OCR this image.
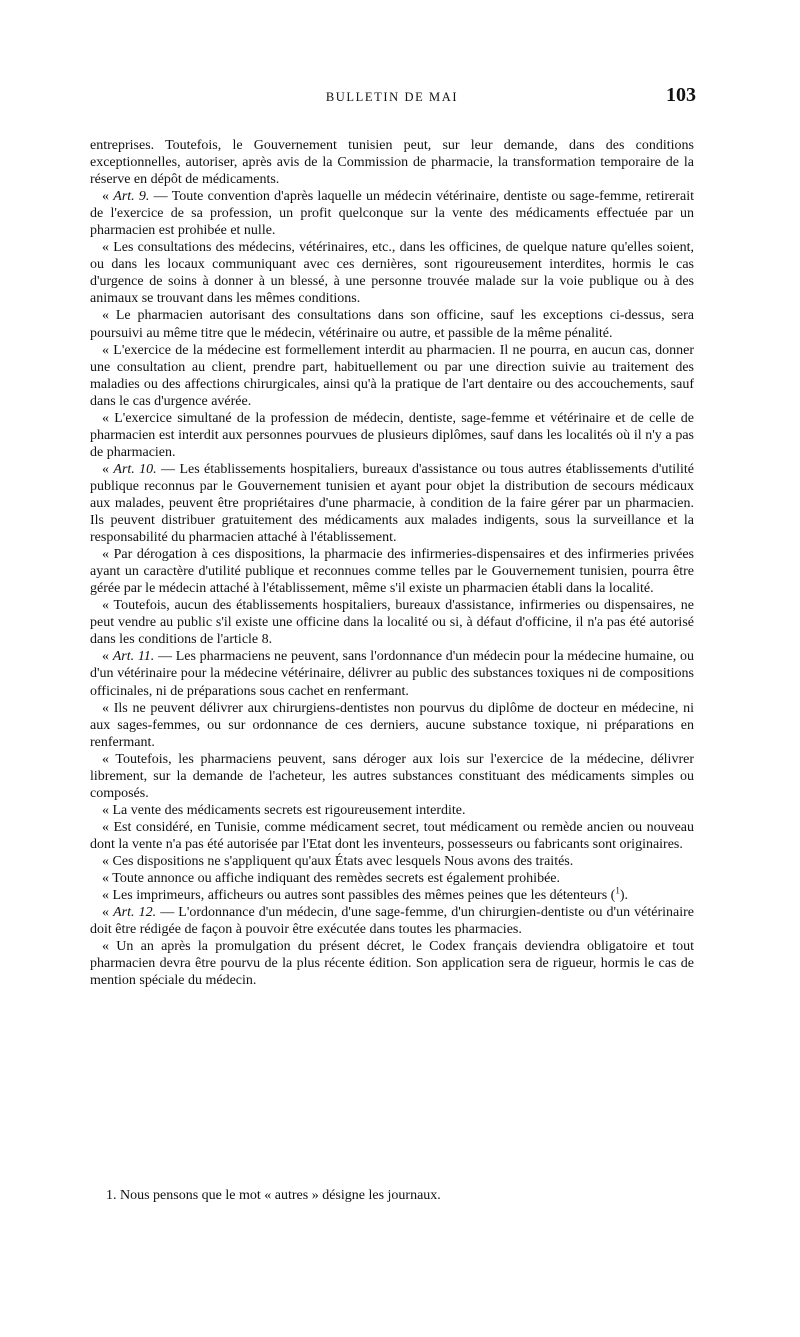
BULLETIN DE MAI	103

entreprises. Toutefois, le Gouvernement tunisien peut, sur leur demande, dans des conditions exceptionnelles, autoriser, après avis de la Commission de pharmacie, la transformation temporaire de la réserve en dépôt de médicaments.

« Art. 9. — Toute convention d'après laquelle un médecin vétérinaire, dentiste ou sage-femme, retirerait de l'exercice de sa profession, un profit quelconque sur la vente des médicaments effectuée par un pharmacien est prohibée et nulle.

« Les consultations des médecins, vétérinaires, etc., dans les officines, de quelque nature qu'elles soient, ou dans les locaux communiquant avec ces dernières, sont rigoureusement interdites, hormis le cas d'urgence de soins à donner à un blessé, à une personne trouvée malade sur la voie publique ou à des animaux se trouvant dans les mêmes conditions.

« Le pharmacien autorisant des consultations dans son officine, sauf les exceptions ci-dessus, sera poursuivi au même titre que le médecin, vétérinaire ou autre, et passible de la même pénalité.

« L'exercice de la médecine est formellement interdit au pharmacien. Il ne pourra, en aucun cas, donner une consultation au client, prendre part, habituellement ou par une direction suivie au traitement des maladies ou des affections chirurgicales, ainsi qu'à la pratique de l'art dentaire ou des accouchements, sauf dans le cas d'urgence avérée.

« L'exercice simultané de la profession de médecin, dentiste, sage-femme et vétérinaire et de celle de pharmacien est interdit aux personnes pourvues de plusieurs diplômes, sauf dans les localités où il n'y a pas de pharmacien.

« Art. 10. — Les établissements hospitaliers, bureaux d'assistance ou tous autres établissements d'utilité publique reconnus par le Gouvernement tunisien et ayant pour objet la distribution de secours médicaux aux malades, peuvent être propriétaires d'une pharmacie, à condition de la faire gérer par un pharmacien. Ils peuvent distribuer gratuitement des médicaments aux malades indigents, sous la surveillance et la responsabilité du pharmacien attaché à l'établissement.

« Par dérogation à ces dispositions, la pharmacie des infirmeries-dispensaires et des infirmeries privées ayant un caractère d'utilité publique et reconnues comme telles par le Gouvernement tunisien, pourra être gérée par le médecin attaché à l'établissement, même s'il existe un pharmacien établi dans la localité.

« Toutefois, aucun des établissements hospitaliers, bureaux d'assistance, infirmeries ou dispensaires, ne peut vendre au public s'il existe une officine dans la localité ou si, à défaut d'officine, il n'a pas été autorisé dans les conditions de l'article 8.

« Art. 11. — Les pharmaciens ne peuvent, sans l'ordonnance d'un médecin pour la médecine humaine, ou d'un vétérinaire pour la médecine vétérinaire, délivrer au public des substances toxiques ni de compositions officinales, ni de préparations sous cachet en renfermant.

« Ils ne peuvent délivrer aux chirurgiens-dentistes non pourvus du diplôme de docteur en médecine, ni aux sages-femmes, ou sur ordonnance de ces derniers, aucune substance toxique, ni préparations en renfermant.

« Toutefois, les pharmaciens peuvent, sans déroger aux lois sur l'exercice de la médecine, délivrer librement, sur la demande de l'acheteur, les autres substances constituant des médicaments simples ou composés.

« La vente des médicaments secrets est rigoureusement interdite.

« Est considéré, en Tunisie, comme médicament secret, tout médicament ou remède ancien ou nouveau dont la vente n'a pas été autorisée par l'Etat dont les inventeurs, possesseurs ou fabricants sont originaires.

« Ces dispositions ne s'appliquent qu'aux États avec lesquels Nous avons des traités.

« Toute annonce ou affiche indiquant des remèdes secrets est également prohibée.

« Les imprimeurs, afficheurs ou autres sont passibles des mêmes peines que les détenteurs ($^1$).

« Art. 12. — L'ordonnance d'un médecin, d'une sage-femme, d'un chirurgien-dentiste ou d'un vétérinaire doit être rédigée de façon à pouvoir être exécutée dans toutes les pharmacies.

« Un an après la promulgation du présent décret, le Codex français deviendra obligatoire et tout pharmacien devra être pourvu de la plus récente édition. Son application sera de rigueur, hormis le cas de mention spéciale du médecin.

1. Nous pensons que le mot « autres » désigne les journaux.
